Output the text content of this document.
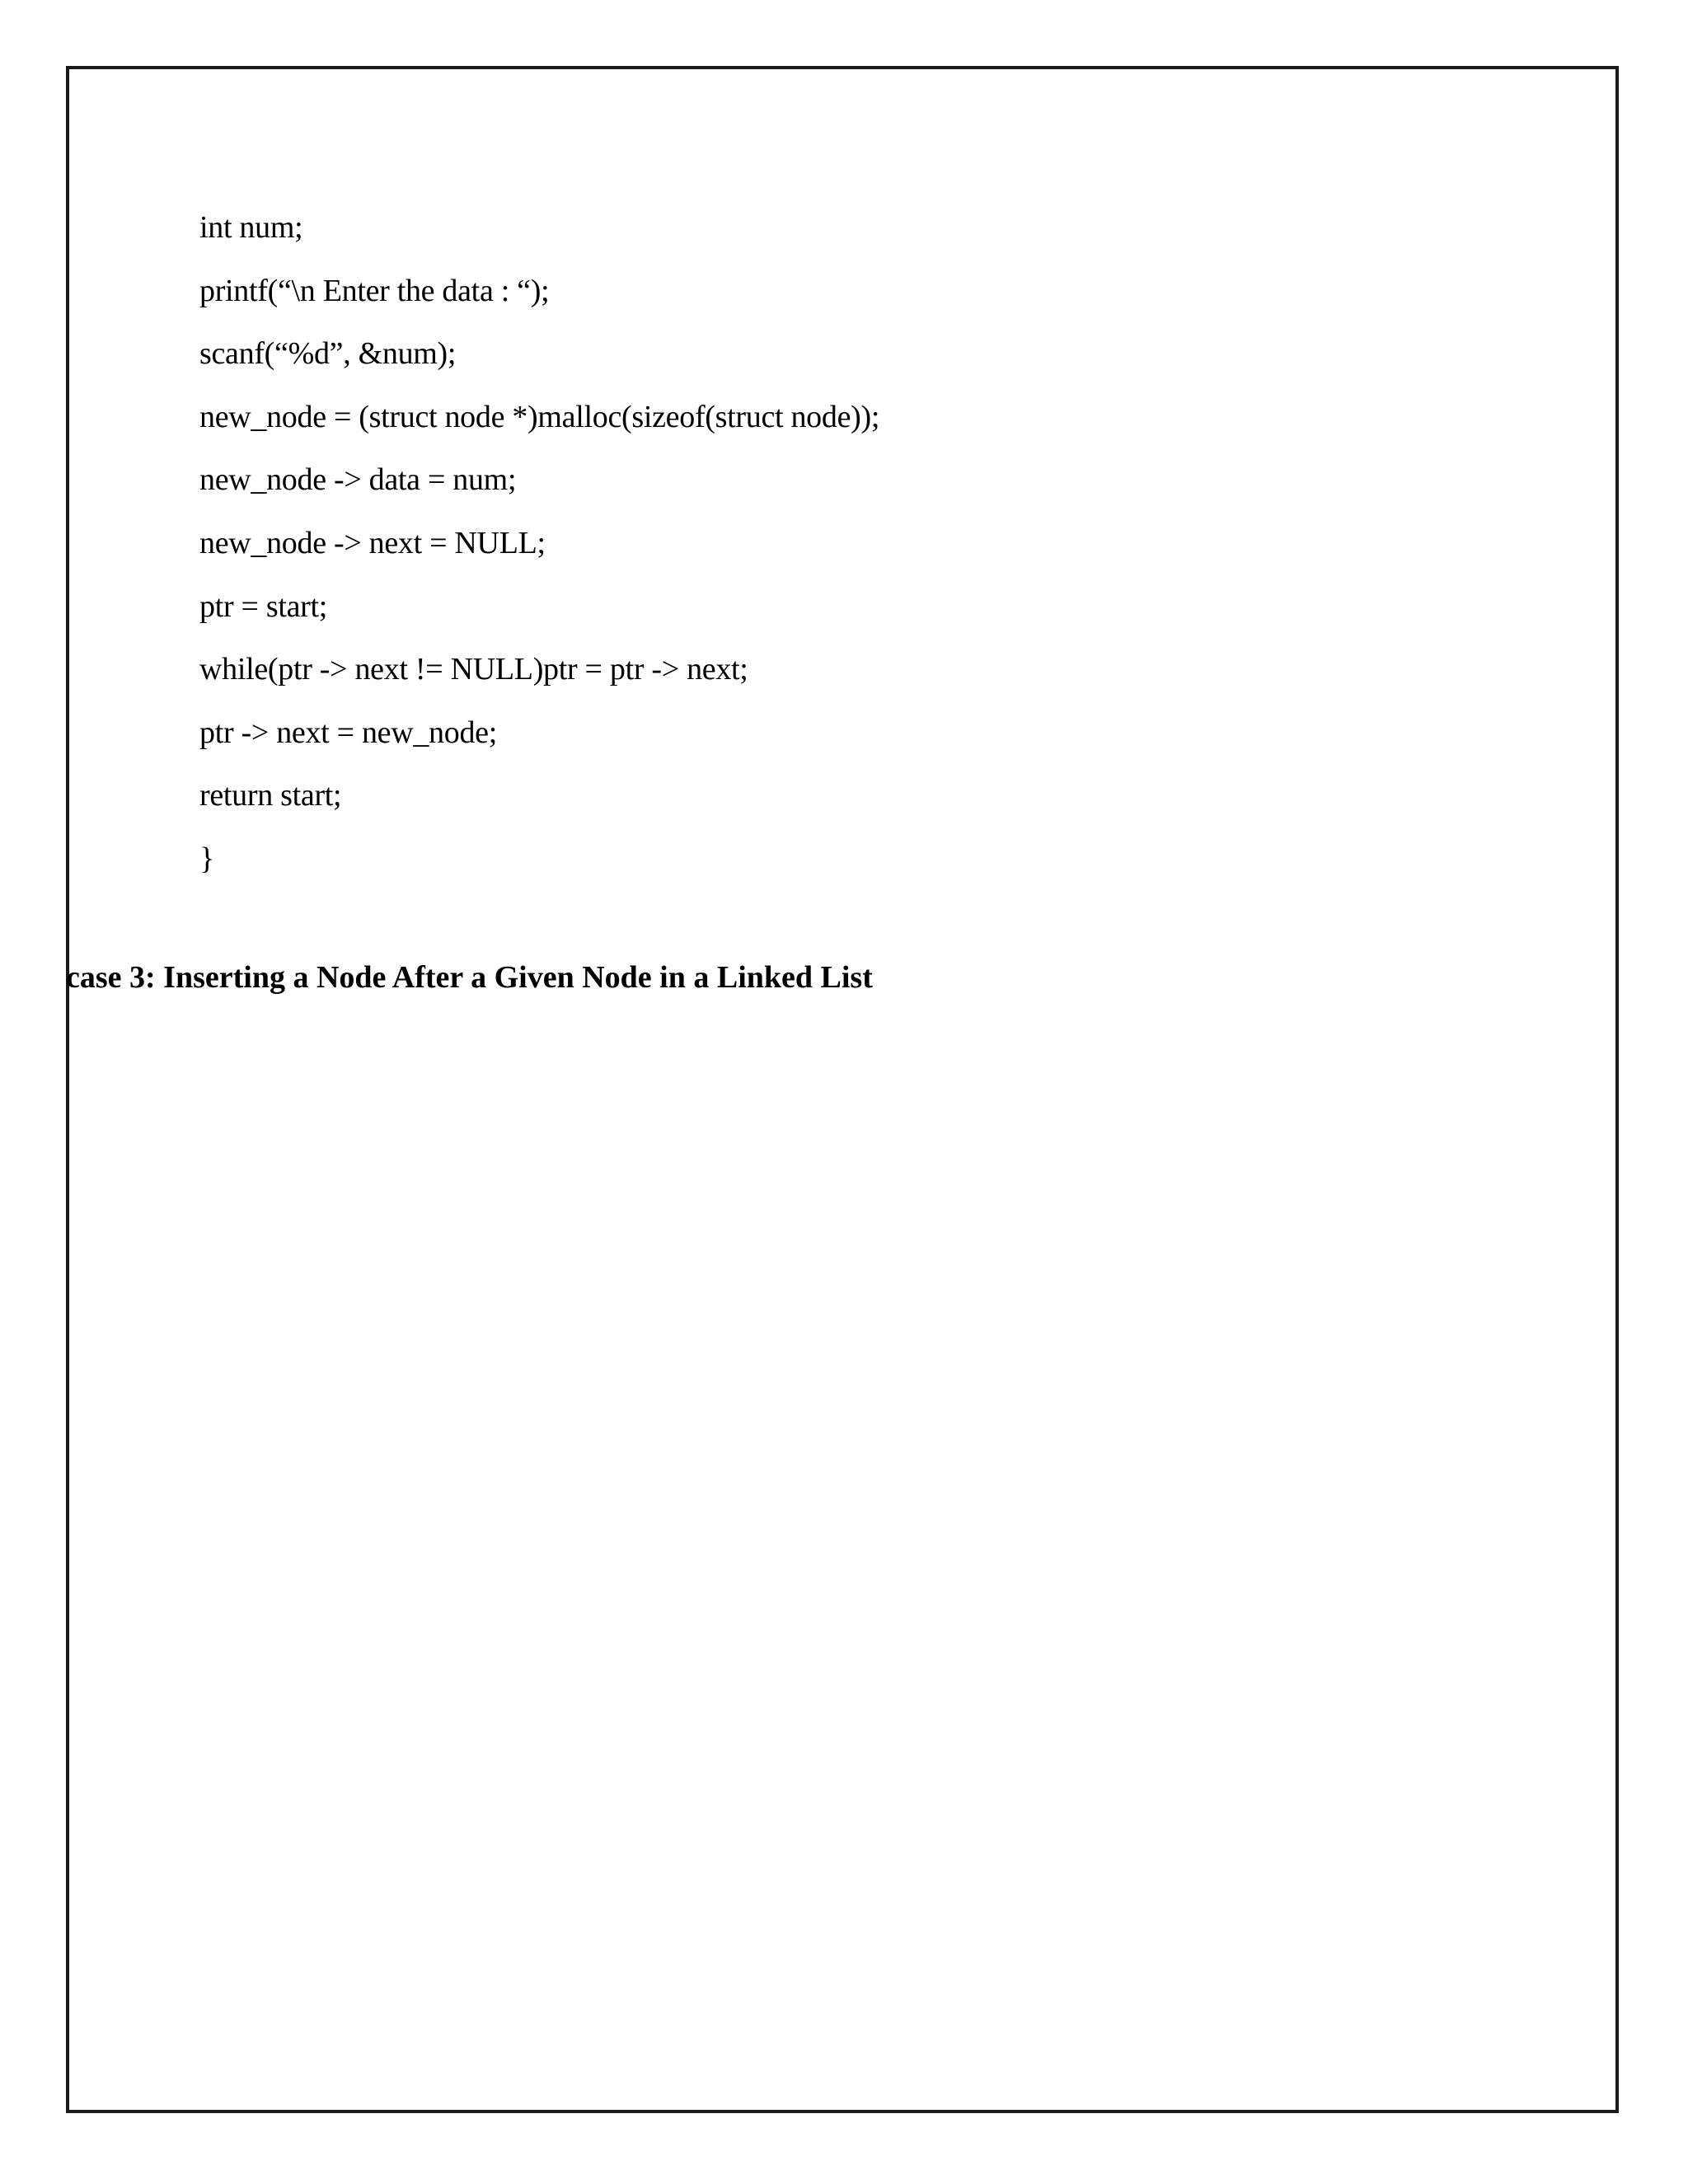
int num;
printf(“\n Enter the data : “);
scanf(“%d”, &num);
new_node = (struct node *)malloc(sizeof(struct node));
new_node -> data = num;
new_node -> next = NULL;
ptr = start;
while(ptr -> next != NULL)ptr = ptr -> next;
ptr -> next = new_node;
return start;
}
case 3: Inserting a Node After a Given Node in a Linked List
